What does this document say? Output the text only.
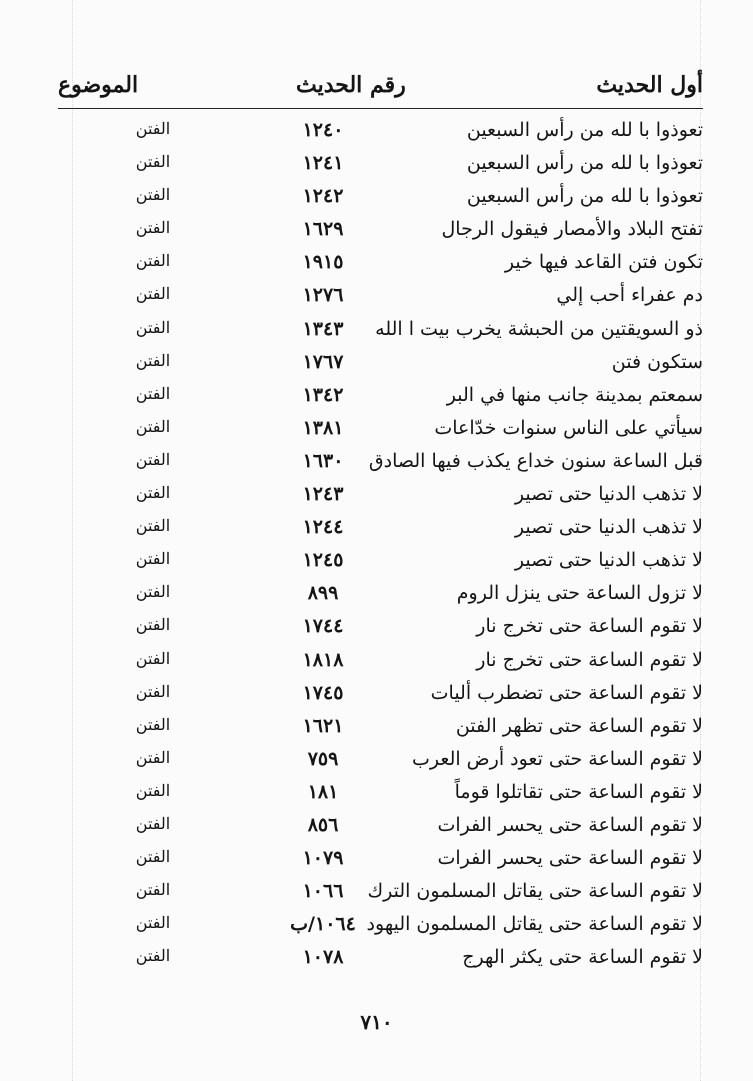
أول الحديث
رقم الحديث
الموضوع
تعوذوا با لله من رأس السبعين
١٢٤٠
الفتن
تعوذوا با لله من رأس السبعين
١٢٤١
الفتن
تعوذوا با لله من رأس السبعين
١٢٤٢
الفتن
تفتح البلاد والأمصار فيقول الرجال
١٦٢٩
الفتن
تكون فتن القاعد فيها خير
١٩١٥
الفتن
دم عفراء أحب إلي
١٢٧٦
الفتن
ذو السويقتين من الحبشة يخرب بيت ا الله
١٣٤٣
الفتن
ستكون فتن
١٧٦٧
الفتن
سمعتم بمدينة جانب منها في البر
١٣٤٢
الفتن
سيأتي على الناس سنوات خدّاعات
١٣٨١
الفتن
قبل الساعة سنون خداع يكذب فيها الصادق
١٦٣٠
الفتن
لا تذهب الدنيا حتى تصير
١٢٤٣
الفتن
لا تذهب الدنيا حتى تصير
١٢٤٤
الفتن
لا تذهب الدنيا حتى تصير
١٢٤٥
الفتن
لا تزول الساعة حتى ينزل الروم
٨٩٩
الفتن
لا تقوم الساعة حتى تخرج نار
١٧٤٤
الفتن
لا تقوم الساعة حتى تخرج نار
١٨١٨
الفتن
لا تقوم الساعة حتى تضطرب أليات
١٧٤٥
الفتن
لا تقوم الساعة حتى تظهر الفتن
١٦٢١
الفتن
لا تقوم الساعة حتى تعود أرض العرب
٧٥٩
الفتن
لا تقوم الساعة حتى تقاتلوا قوماً
١٨١
الفتن
لا تقوم الساعة حتى يحسر الفرات
٨٥٦
الفتن
لا تقوم الساعة حتى يحسر الفرات
١٠٧٩
الفتن
لا تقوم الساعة حتى يقاتل المسلمون الترك
١٠٦٦
الفتن
لا تقوم الساعة حتى يقاتل المسلمون اليهود
١٠٦٤/ب
الفتن
لا تقوم الساعة حتى يكثر الهرج
١٠٧٨
الفتن
٧١٠
